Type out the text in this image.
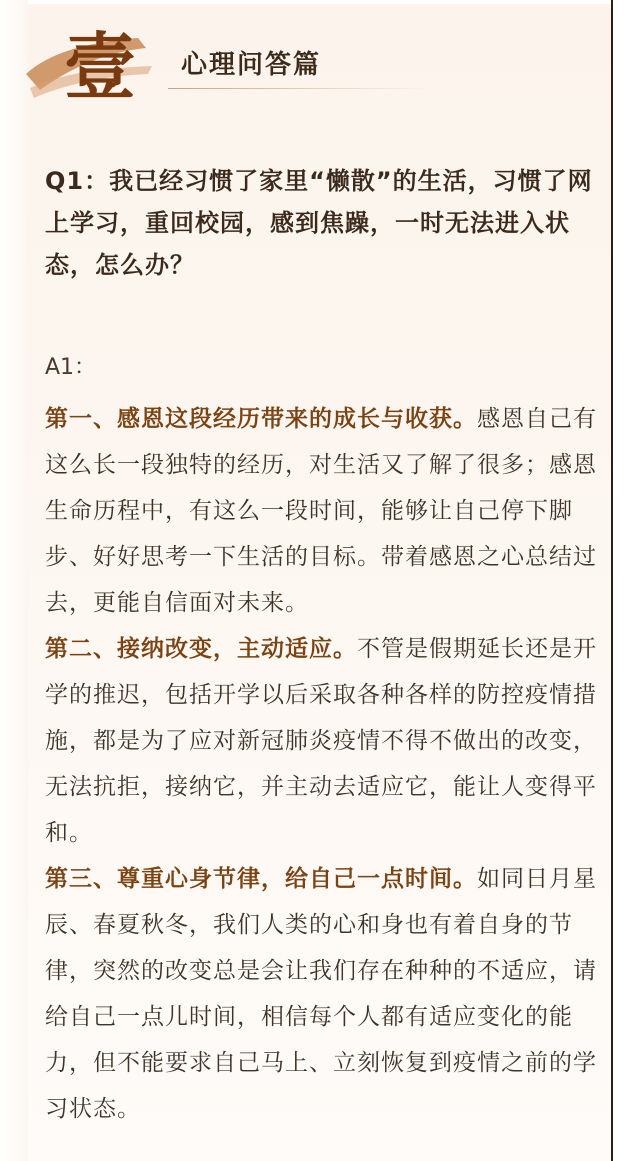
壹 心理问答篇
Q1：我已经习惯了家里“懒散”的生活，习惯了网上学习，重回校园，感到焦躁，一时无法进入状态，怎么办？
A1：

第一、感恩这段经历带来的成长与收获。感恩自己有这么长一段独特的经历，对生活又了解了很多；感恩生命历程中，有这么一段时间，能够让自己停下脚步、好好思考一下生活的目标。带着感恩之心总结过去，更能自信面对未来。

第二、接纳改变，主动适应。不管是假期延长还是开学的推迟，包括开学以后采取各种各样的防控疫情措施，都是为了应对新冠肺炎疫情不得不做出的改变，无法抗拒，接纳它，并主动去适应它，能让人变得平和。

第三、尊重心身节律，给自己一点时间。如同日月星辰、春夏秋冬，我们人类的心和身也有着自身的节律，突然的改变总是会让我们存在种种的不适应，请给自己一点儿时间，相信每个人都有适应变化的能力，但不能要求自己马上、立刻恢复到疫情之前的学习状态。
